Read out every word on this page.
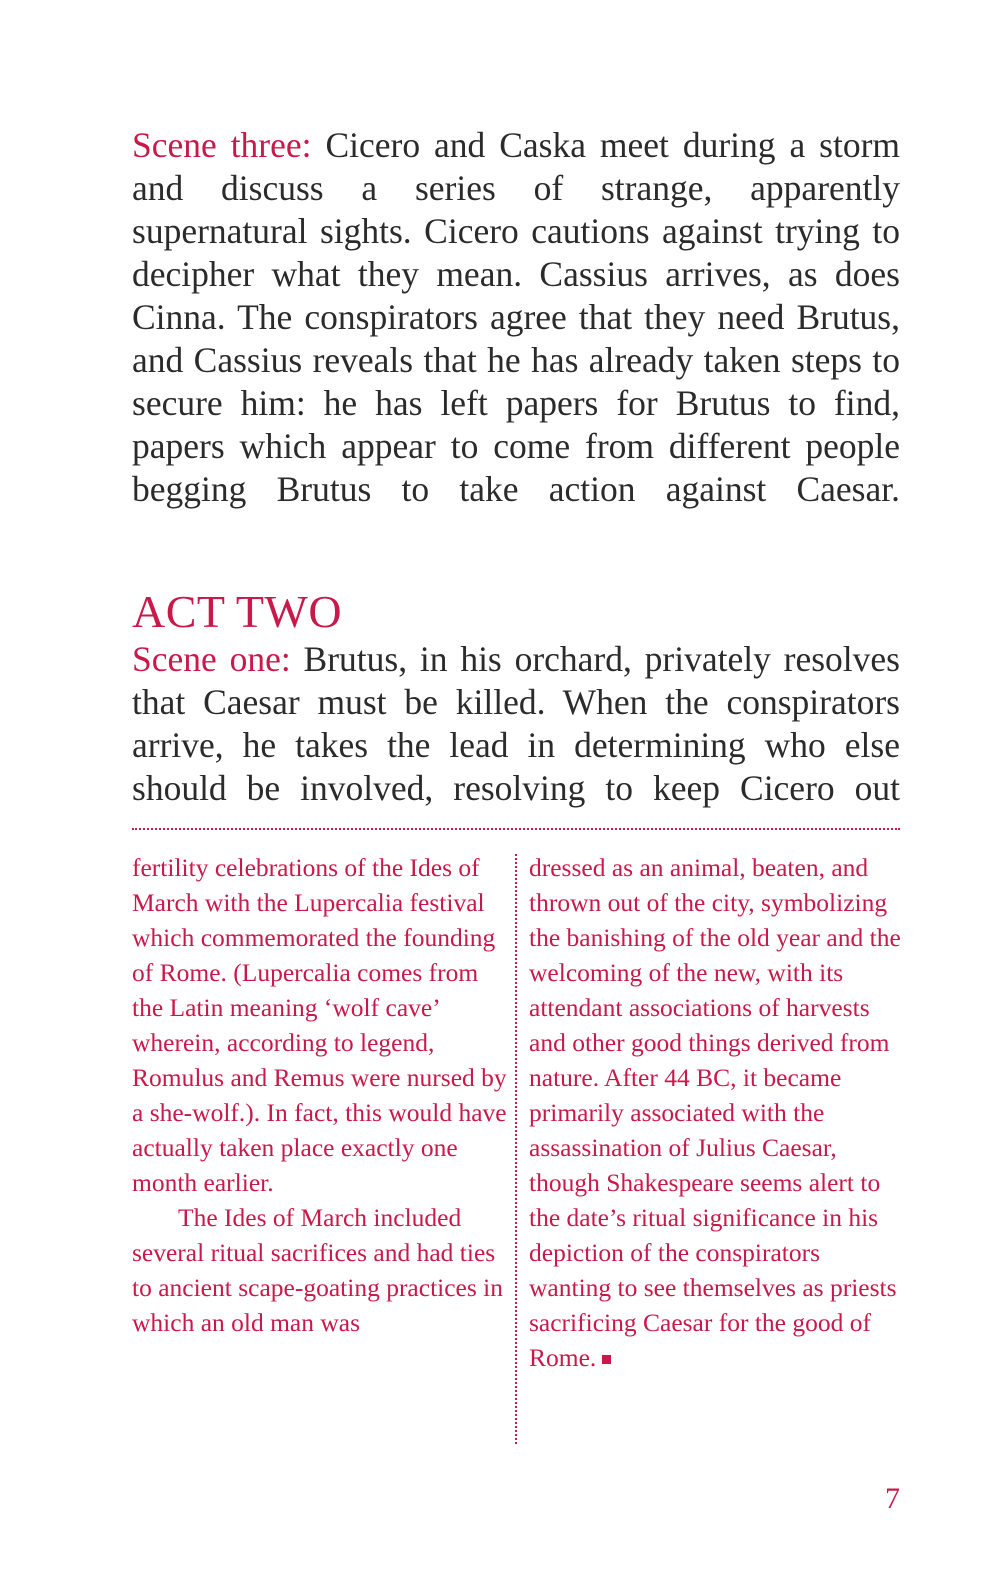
Scene three: Cicero and Caska meet during a storm and discuss a series of strange, apparently supernatural sights. Cicero cautions against trying to decipher what they mean. Cassius arrives, as does Cinna. The conspirators agree that they need Brutus, and Cassius reveals that he has already taken steps to secure him: he has left papers for Brutus to find, papers which appear to come from different people begging Brutus to take action against Caesar.

ACT TWO

Scene one: Brutus, in his orchard, privately resolves that Caesar must be killed. When the conspirators arrive, he takes the lead in determining who else should be involved, resolving to keep Cicero out

fertility celebrations of the Ides of March with the Lupercalia festival which commemorated the founding of Rome. (Lupercalia comes from the Latin meaning ‘wolf cave’ wherein, according to legend, Romulus and Remus were nursed by a she-wolf.). In fact, this would have actually taken place exactly one month earlier.

The Ides of March included several ritual sacrifices and had ties to ancient scape-goating practices in which an old man was

dressed as an animal, beaten, and thrown out of the city, symbolizing the banishing of the old year and the welcoming of the new, with its attendant associations of harvests and other good things derived from nature. After 44 BC, it became primarily associated with the assassination of Julius Caesar, though Shakespeare seems alert to the date’s ritual significance in his depiction of the conspirators wanting to see themselves as priests sacrificing Caesar for the good of Rome.

7
